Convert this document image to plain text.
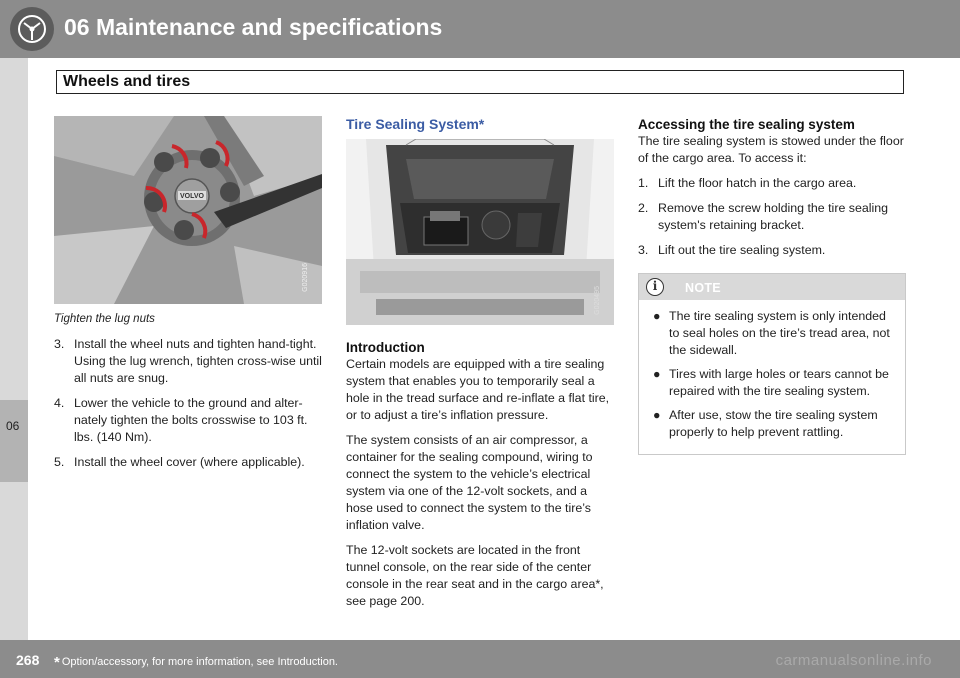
06 Maintenance and specifications
Wheels and tires
06
VOLVO
G020916
Tighten the lug nuts
3. Install the wheel nuts and tighten hand-tight. Using the lug wrench, tighten cross-wise until all nuts are snug.
4. Lower the vehicle to the ground and alter-nately tighten the bolts crosswise to 103 ft. lbs. (140 Nm).
5. Install the wheel cover (where applicable).
Tire Sealing System*
G020495
Introduction

Certain models are equipped with a tire sealing system that enables you to temporarily seal a hole in the tread surface and re-inflate a flat tire, or to adjust a tire’s inflation pressure.

The system consists of an air compressor, a container for the sealing compound, wiring to connect the system to the vehicle’s electrical system via one of the 12-volt sockets, and a hose used to connect the system to the tire’s inflation valve.

The 12-volt sockets are located in the front tunnel console, on the rear side of the center console in the rear seat and in the cargo area*, see page 200.

Accessing the tire sealing system

The tire sealing system is stowed under the floor of the cargo area. To access it:

1. Lift the floor hatch in the cargo area.
2. Remove the screw holding the tire sealing system's retaining bracket.
3. Lift out the tire sealing system.
i	NOTE
● The tire sealing system is only intended to seal holes on the tire’s tread area, not the sidewall.
● Tires with large holes or tears cannot be repaired with the tire sealing system.
● After use, stow the tire sealing system properly to help prevent rattling.
268 * Option/accessory, for more information, see Introduction.	carmanualsonline.info
